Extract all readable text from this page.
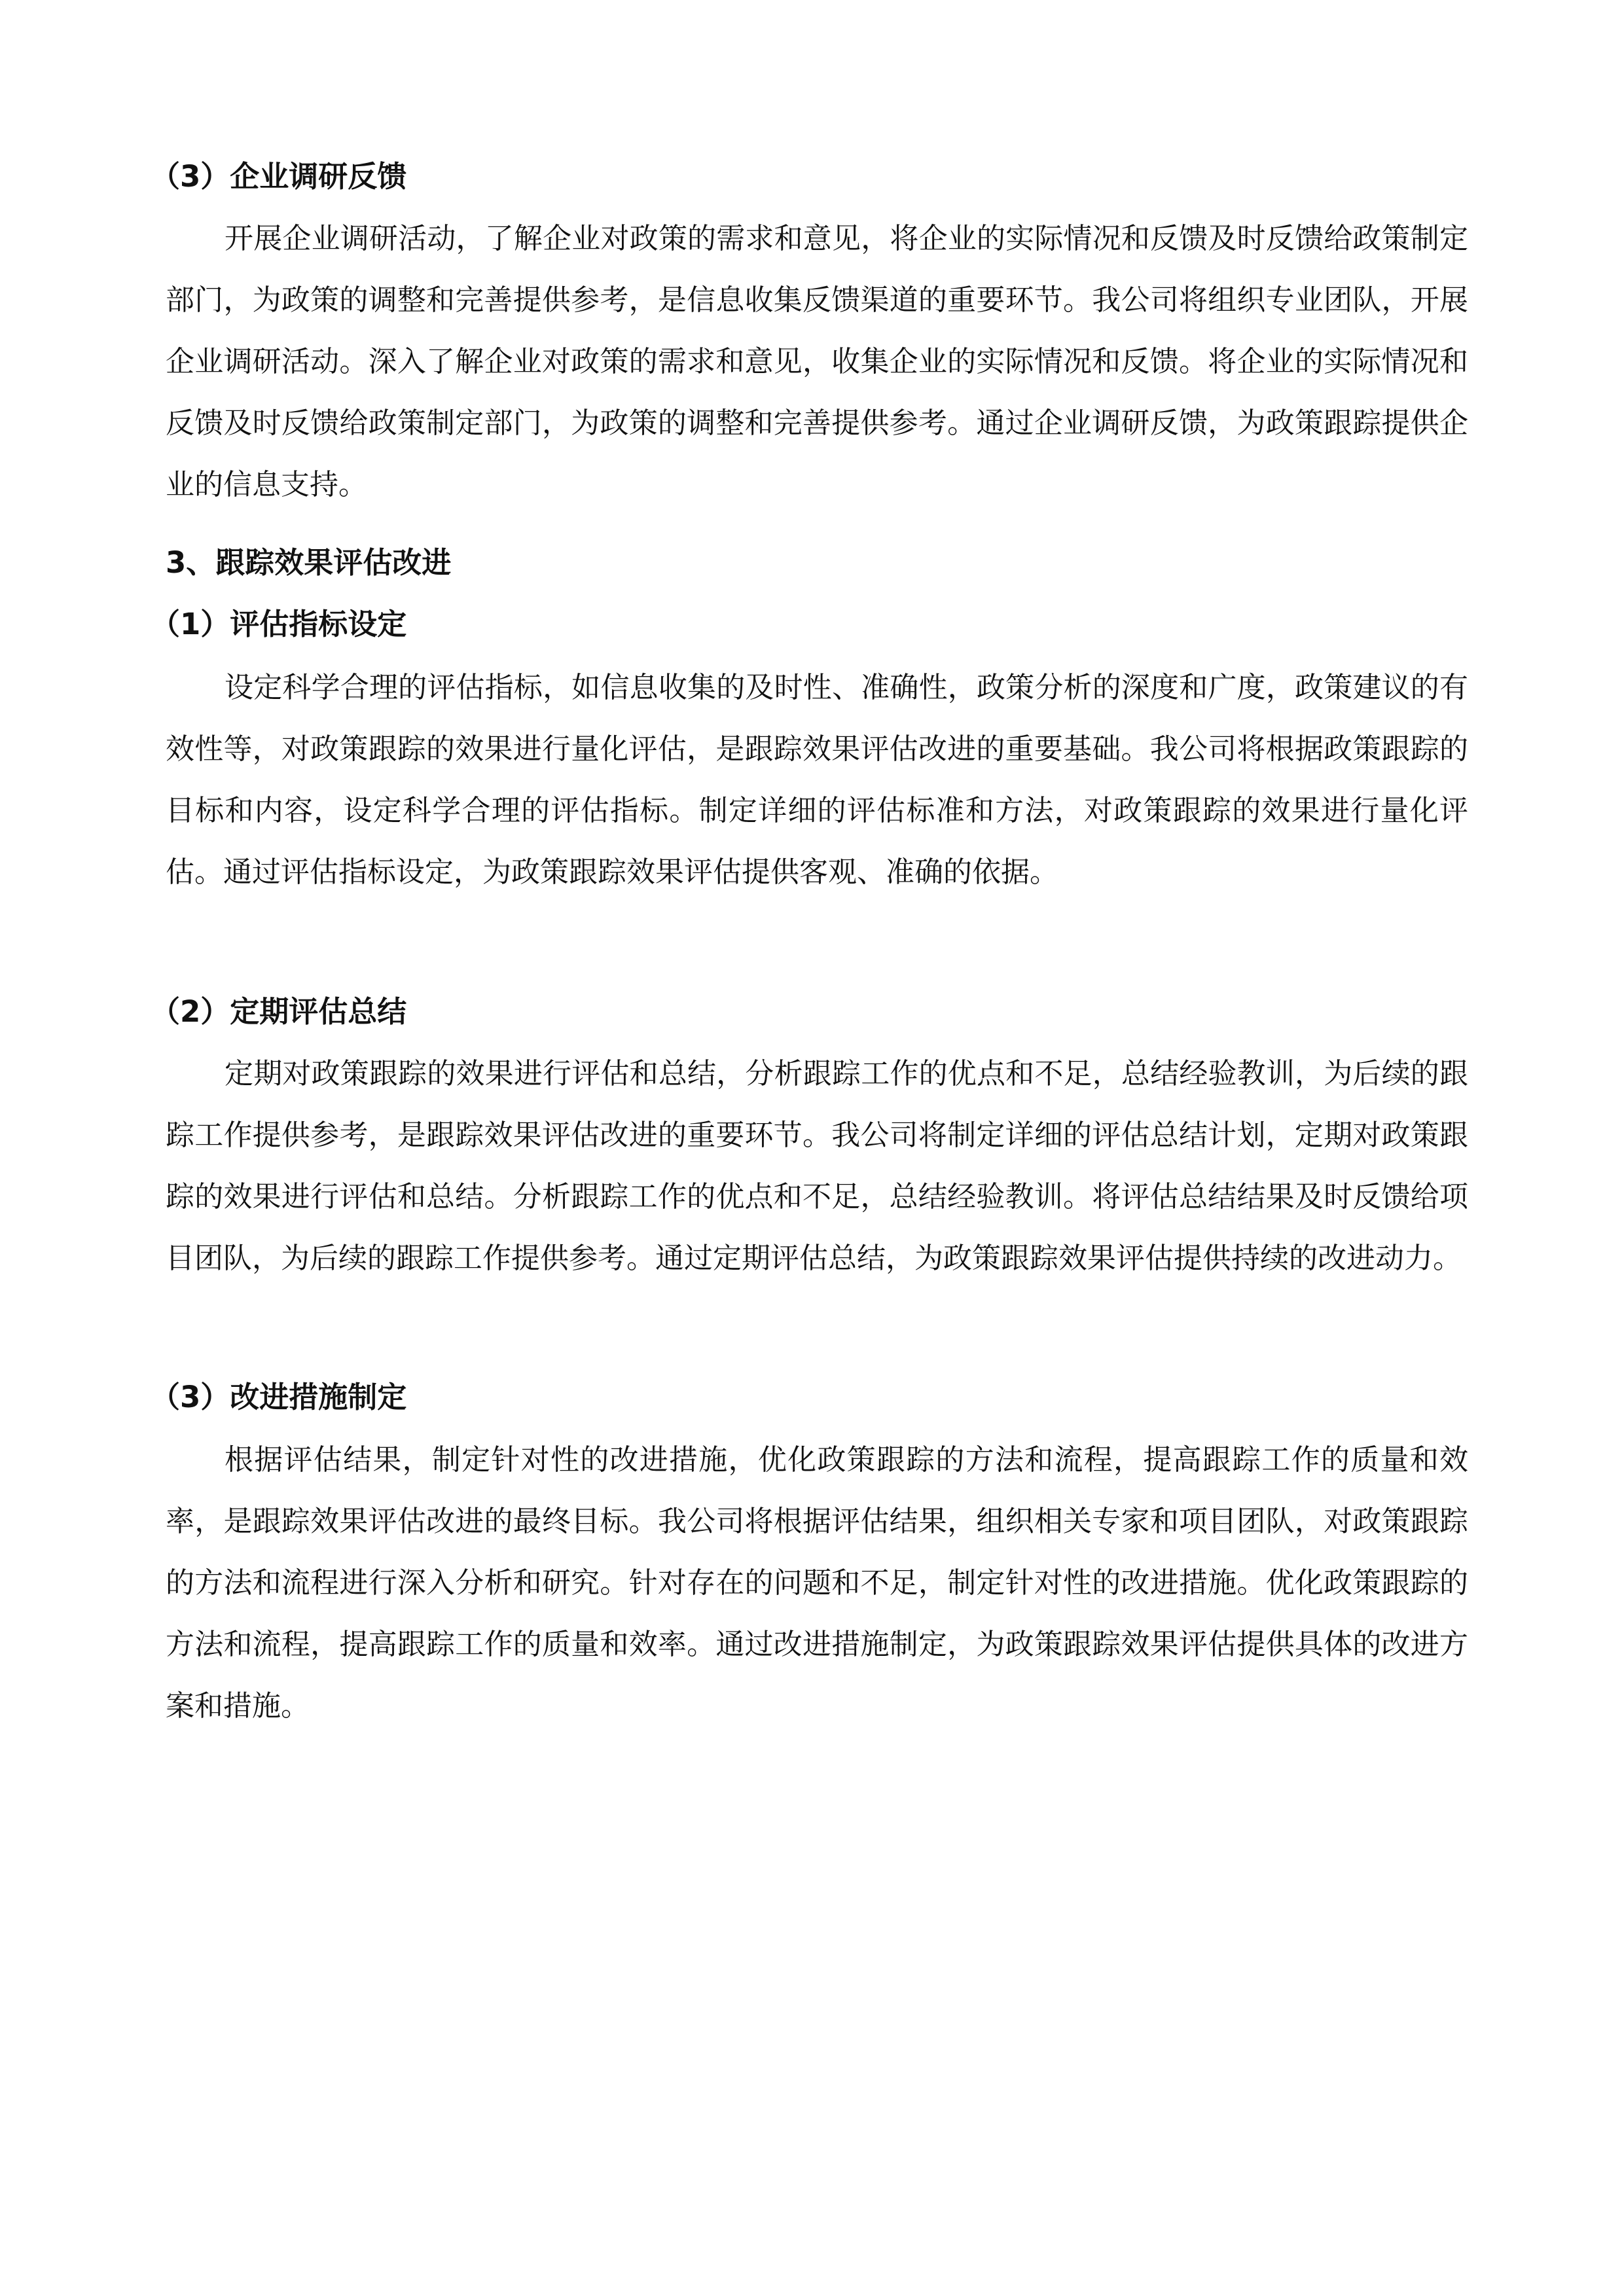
（3）企业调研反馈

开展企业调研活动，了解企业对政策的需求和意见，将企业的实际情况和反馈及时反馈给政策制定部门，为政策的调整和完善提供参考，是信息收集反馈渠道的重要环节。我公司将组织专业团队，开展企业调研活动。深入了解企业对政策的需求和意见，收集企业的实际情况和反馈。将企业的实际情况和反馈及时反馈给政策制定部门，为政策的调整和完善提供参考。通过企业调研反馈，为政策跟踪提供企业的信息支持。

3、跟踪效果评估改进
（1）评估指标设定

设定科学合理的评估指标，如信息收集的及时性、准确性，政策分析的深度和广度，政策建议的有效性等，对政策跟踪的效果进行量化评估，是跟踪效果评估改进的重要基础。我公司将根据政策跟踪的目标和内容，设定科学合理的评估指标。制定详细的评估标准和方法，对政策跟踪的效果进行量化评估。通过评估指标设定，为政策跟踪效果评估提供客观、准确的依据。

（2）定期评估总结

定期对政策跟踪的效果进行评估和总结，分析跟踪工作的优点和不足，总结经验教训，为后续的跟踪工作提供参考，是跟踪效果评估改进的重要环节。我公司将制定详细的评估总结计划，定期对政策跟踪的效果进行评估和总结。分析跟踪工作的优点和不足，总结经验教训。将评估总结结果及时反馈给项目团队，为后续的跟踪工作提供参考。通过定期评估总结，为政策跟踪效果评估提供持续的改进动力。

（3）改进措施制定

根据评估结果，制定针对性的改进措施，优化政策跟踪的方法和流程，提高跟踪工作的质量和效率，是跟踪效果评估改进的最终目标。我公司将根据评估结果，组织相关专家和项目团队，对政策跟踪的方法和流程进行深入分析和研究。针对存在的问题和不足，制定针对性的改进措施。优化政策跟踪的方法和流程，提高跟踪工作的质量和效率。通过改进措施制定，为政策跟踪效果评估提供具体的改进方案和措施。
